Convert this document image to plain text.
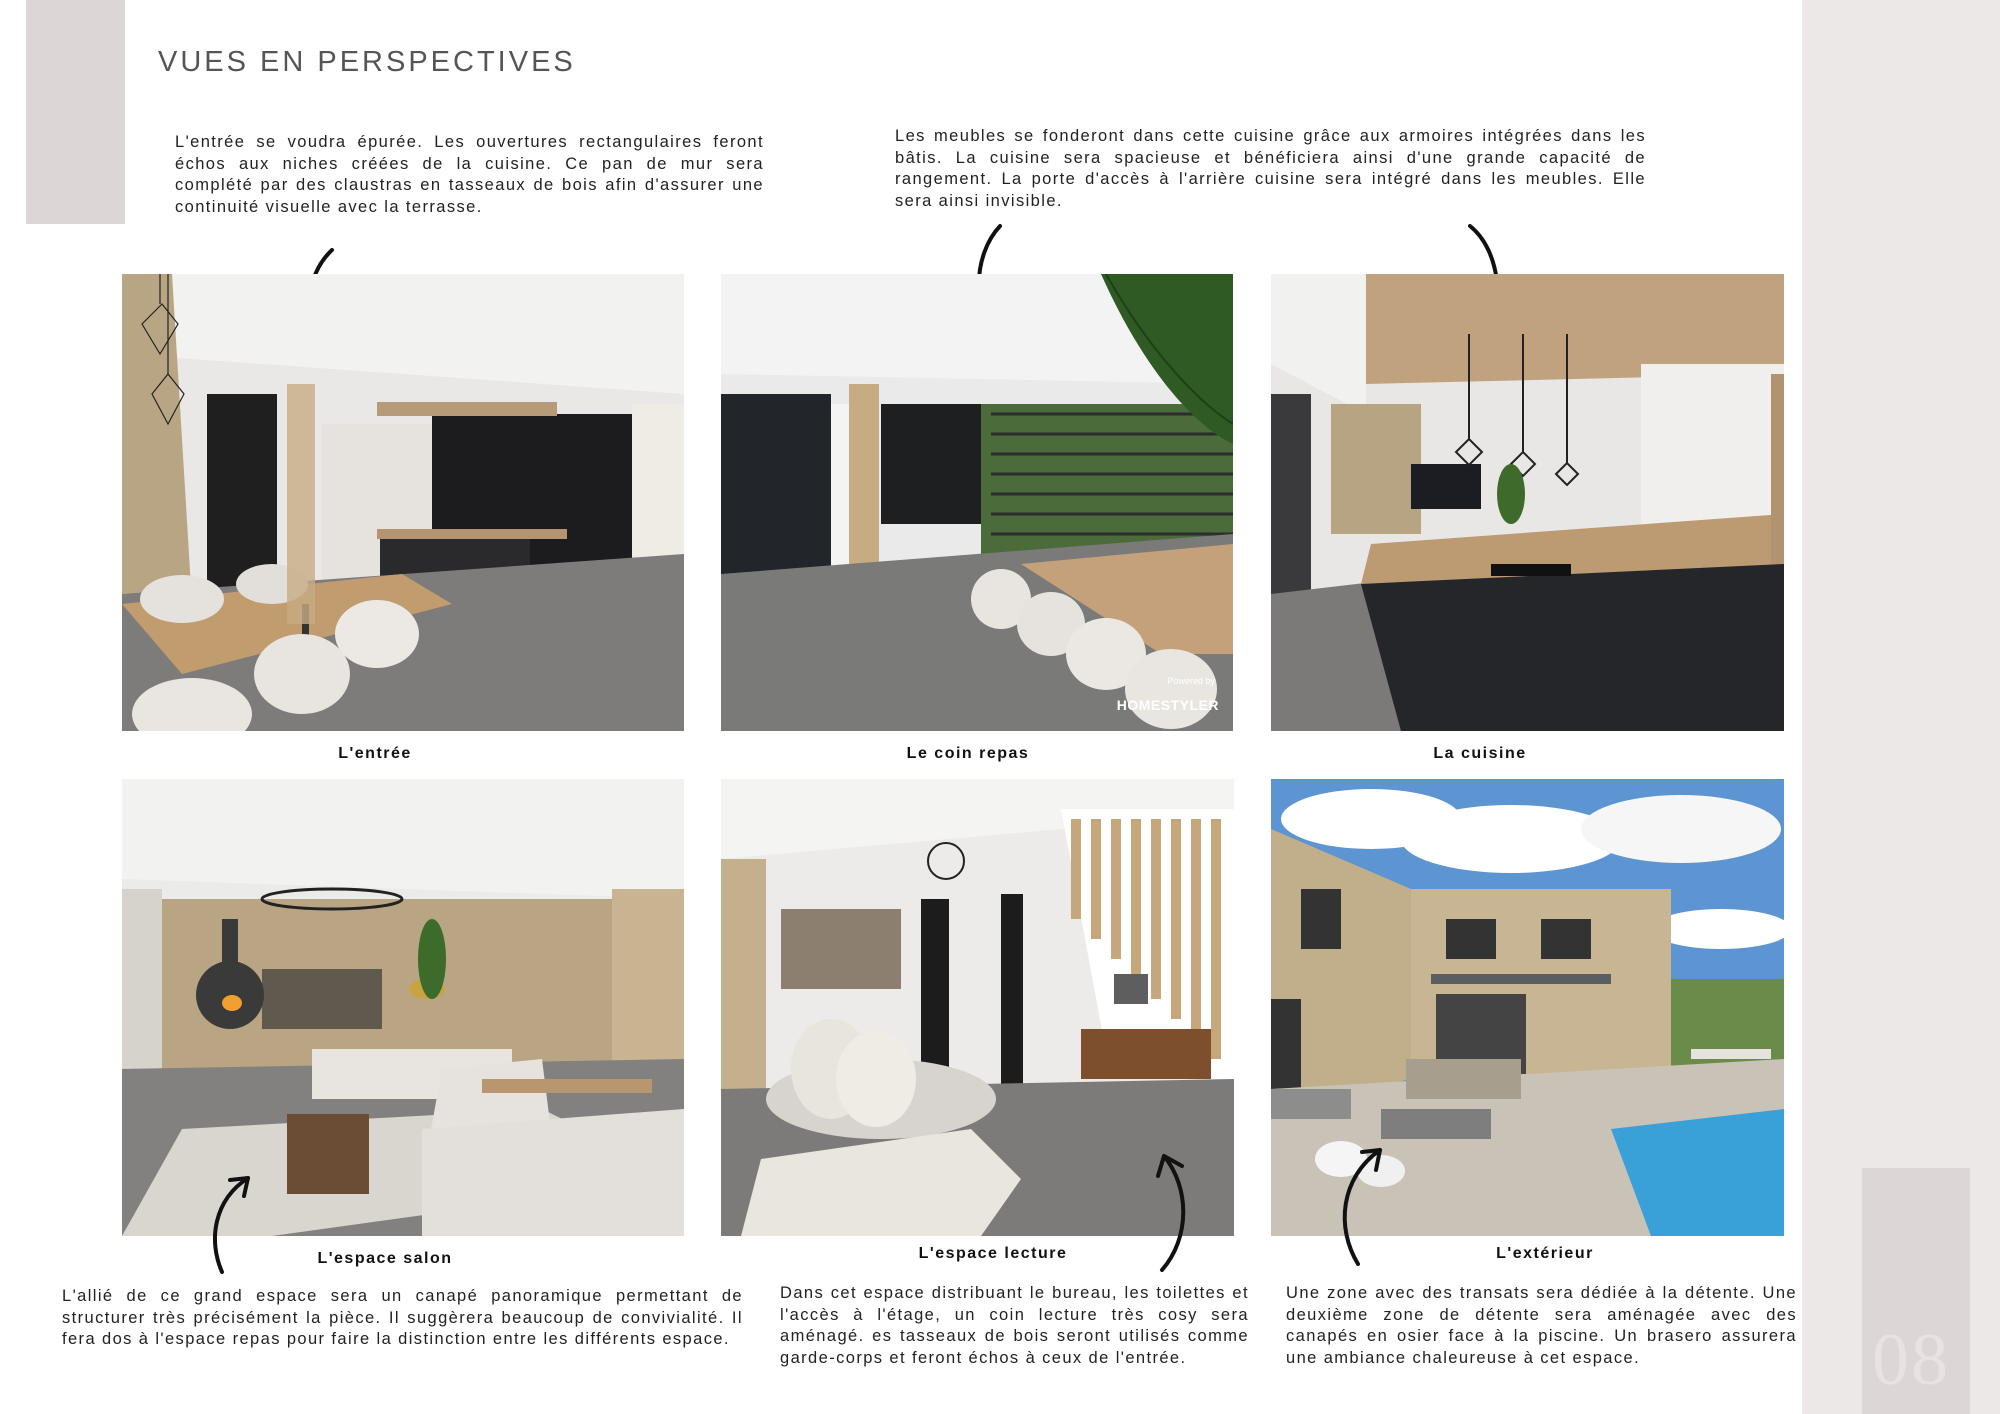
08
VUES EN PERSPECTIVES
L'entrée se voudra épurée. Les ouvertures rectangulaires feront
échos aux niches créées de la cuisine. Ce pan de mur sera
complété par des claustras en tasseaux de bois afin d'assurer une
continuité visuelle avec la terrasse.
Les meubles se fonderont dans cette cuisine grâce aux armoires intégrées dans les
bâtis. La cuisine sera spacieuse et bénéficiera ainsi d'une grande capacité de
rangement. La porte d'accès à l'arrière cuisine sera intégré dans les meubles. Elle
sera ainsi invisible.
L'entrée
Powered by
HOMESTYLER
Le coin repas	La cuisine
L'espace salon	L'espace lecture	L'extérieur
L'allié de ce grand espace sera un canapé panoramique permettant de
structurer très précisément la pièce. Il suggèrera beaucoup de convivialité. Il
fera dos à l'espace repas pour faire la distinction entre les différents espace.
Dans cet espace distribuant le bureau, les toilettes et
l'accès à l'étage, un coin lecture très cosy sera
aménagé. es tasseaux de bois seront utilisés comme
garde-corps et feront échos à ceux de l'entrée.
Une zone avec des transats sera dédiée à la détente. Une
deuxième zone de détente sera aménagée avec des
canapés en osier face à la piscine. Un brasero assurera
une ambiance chaleureuse à cet espace.
